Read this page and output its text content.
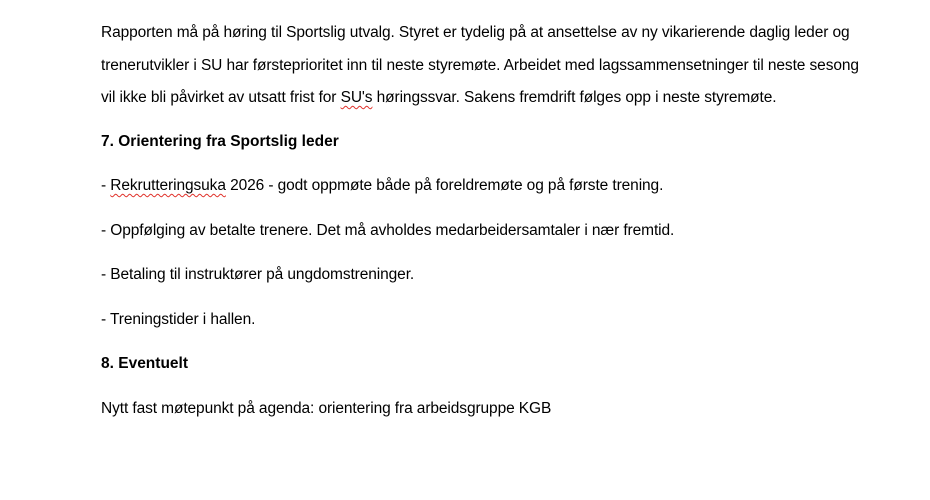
Rapporten må på høring til Sportslig utvalg. Styret er tydelig på at ansettelse av ny vikarierende daglig leder og trenerutvikler i SU har førsteprioritet inn til neste styremøte. Arbeidet med lagssammensetninger til neste sesong vil ikke bli påvirket av utsatt frist for SU's høringssvar. Sakens fremdrift følges opp i neste styremøte.

7. Orientering fra Sportslig leder

- Rekrutteringsuka 2026 - godt oppmøte både på foreldremøte og på første trening.

- Oppfølging av betalte trenere. Det må avholdes medarbeidersamtaler i nær fremtid.

- Betaling til instruktører på ungdomstreninger.

- Treningstider i hallen.

8. Eventuelt

Nytt fast møtepunkt på agenda: orientering fra arbeidsgruppe KGB
